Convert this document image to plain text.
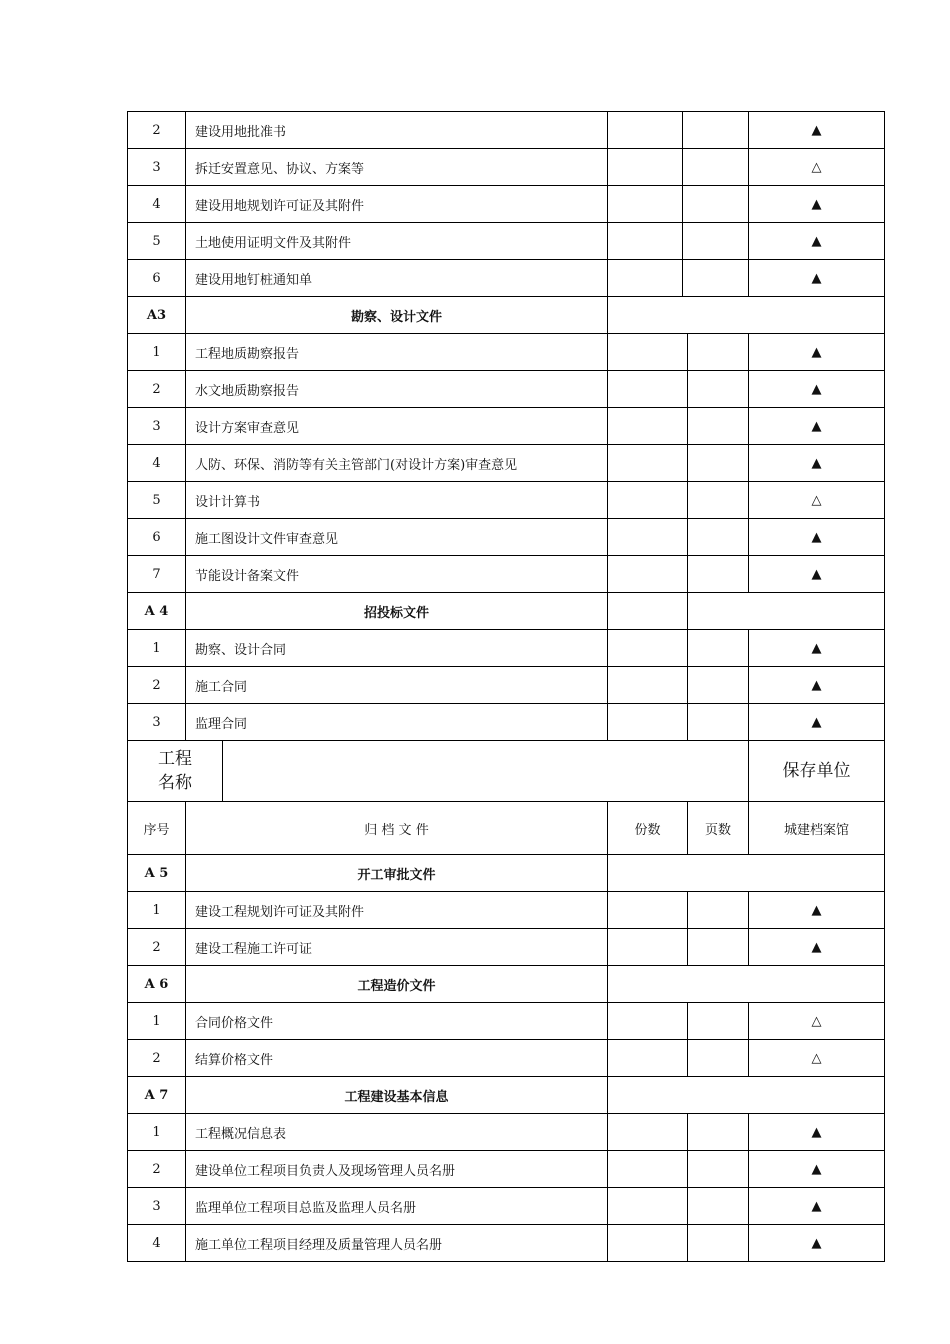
2	建设用地批准书					▲
3	拆迁安置意见、协议、方案等					△
4	建设用地规划许可证及其附件					▲
5	土地使用证明文件及其附件					▲
6	建设用地钉桩通知单					▲
A3	勘察、设计文件					
1	工程地质勘察报告					▲
2	水文地质勘察报告					▲
3	设计方案审查意见					▲
4	人防、环保、消防等有关主管部门(对设计方案)审查意见					▲
5	设计计算书					△
6	施工图设计文件审查意见					▲
7	节能设计备案文件					▲
A 4	招投标文件					
1	勘察、设计合同					▲
2	施工合同					▲
3	监理合同					▲

工程
名称						保存单位
序号	归 档 文 件		份数		页数	城建档案馆
A 5	开工审批文件					
1	建设工程规划许可证及其附件					▲
2	建设工程施工许可证					▲
A 6	工程造价文件					
1	合同价格文件					△
2	结算价格文件					△
A 7	工程建设基本信息					
1	工程概况信息表					▲
2	建设单位工程项目负责人及现场管理人员名册					▲
3	监理单位工程项目总监及监理人员名册					▲
4	施工单位工程项目经理及质量管理人员名册					▲
